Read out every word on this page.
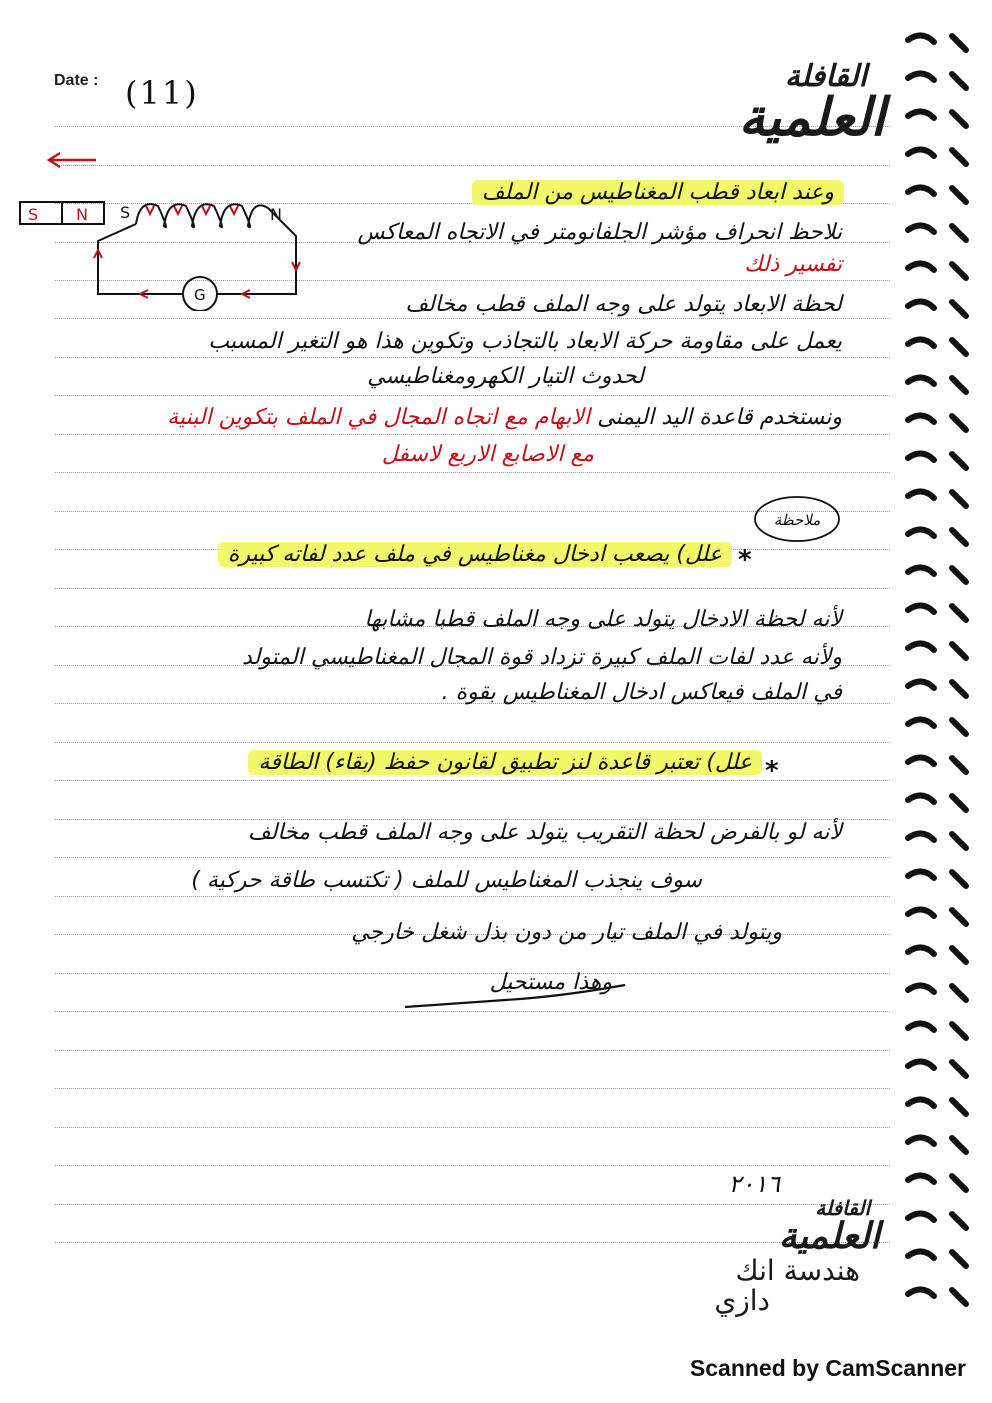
Date : (11)	القافلة
العلمية
S N S	N
G
وعند ابعاد قطب المغناطيس من الملف
نلاحظ انحراف مؤشر الجلفانومتر في الاتجاه المعاكس
تفسير ذلك
لحظة الابعاد يتولد على وجه الملف قطب مخالف
يعمل على مقاومة حركة الابعاد بالتجاذب وتكوين هذا هو التغير المسبب
لحدوث التيار الكهرومغناطيسي
ونستخدم قاعدة اليد اليمنى الابهام مع اتجاه المجال في الملف بتكوين البنية
مع الاصابع الاربع لاسفل
ملاحظة
*
علل) يصعب ادخال مغناطيس في ملف عدد لفاته كبيرة
لأنه لحظة الادخال يتولد على وجه الملف قطبا مشابها
ولأنه عدد لفات الملف كبيرة تزداد قوة المجال المغناطيسي المتولد
في الملف فيعاكس ادخال المغناطيس بقوة .
*
علل) تعتبر قاعدة لنز تطبيق لقانون حفظ (بقاء) الطاقة
لأنه لو بالفرض لحظة التقريب يتولد على وجه الملف قطب مخالف
سوف ينجذب المغناطيس للملف ( تكتسب طاقة حركية )
ويتولد في الملف تيار من دون بذل شغل خارجي
وهذا مستحيل
٢٠١٦
القافلة
العلمية
هندسة انك
دازي
Scanned by CamScanner
